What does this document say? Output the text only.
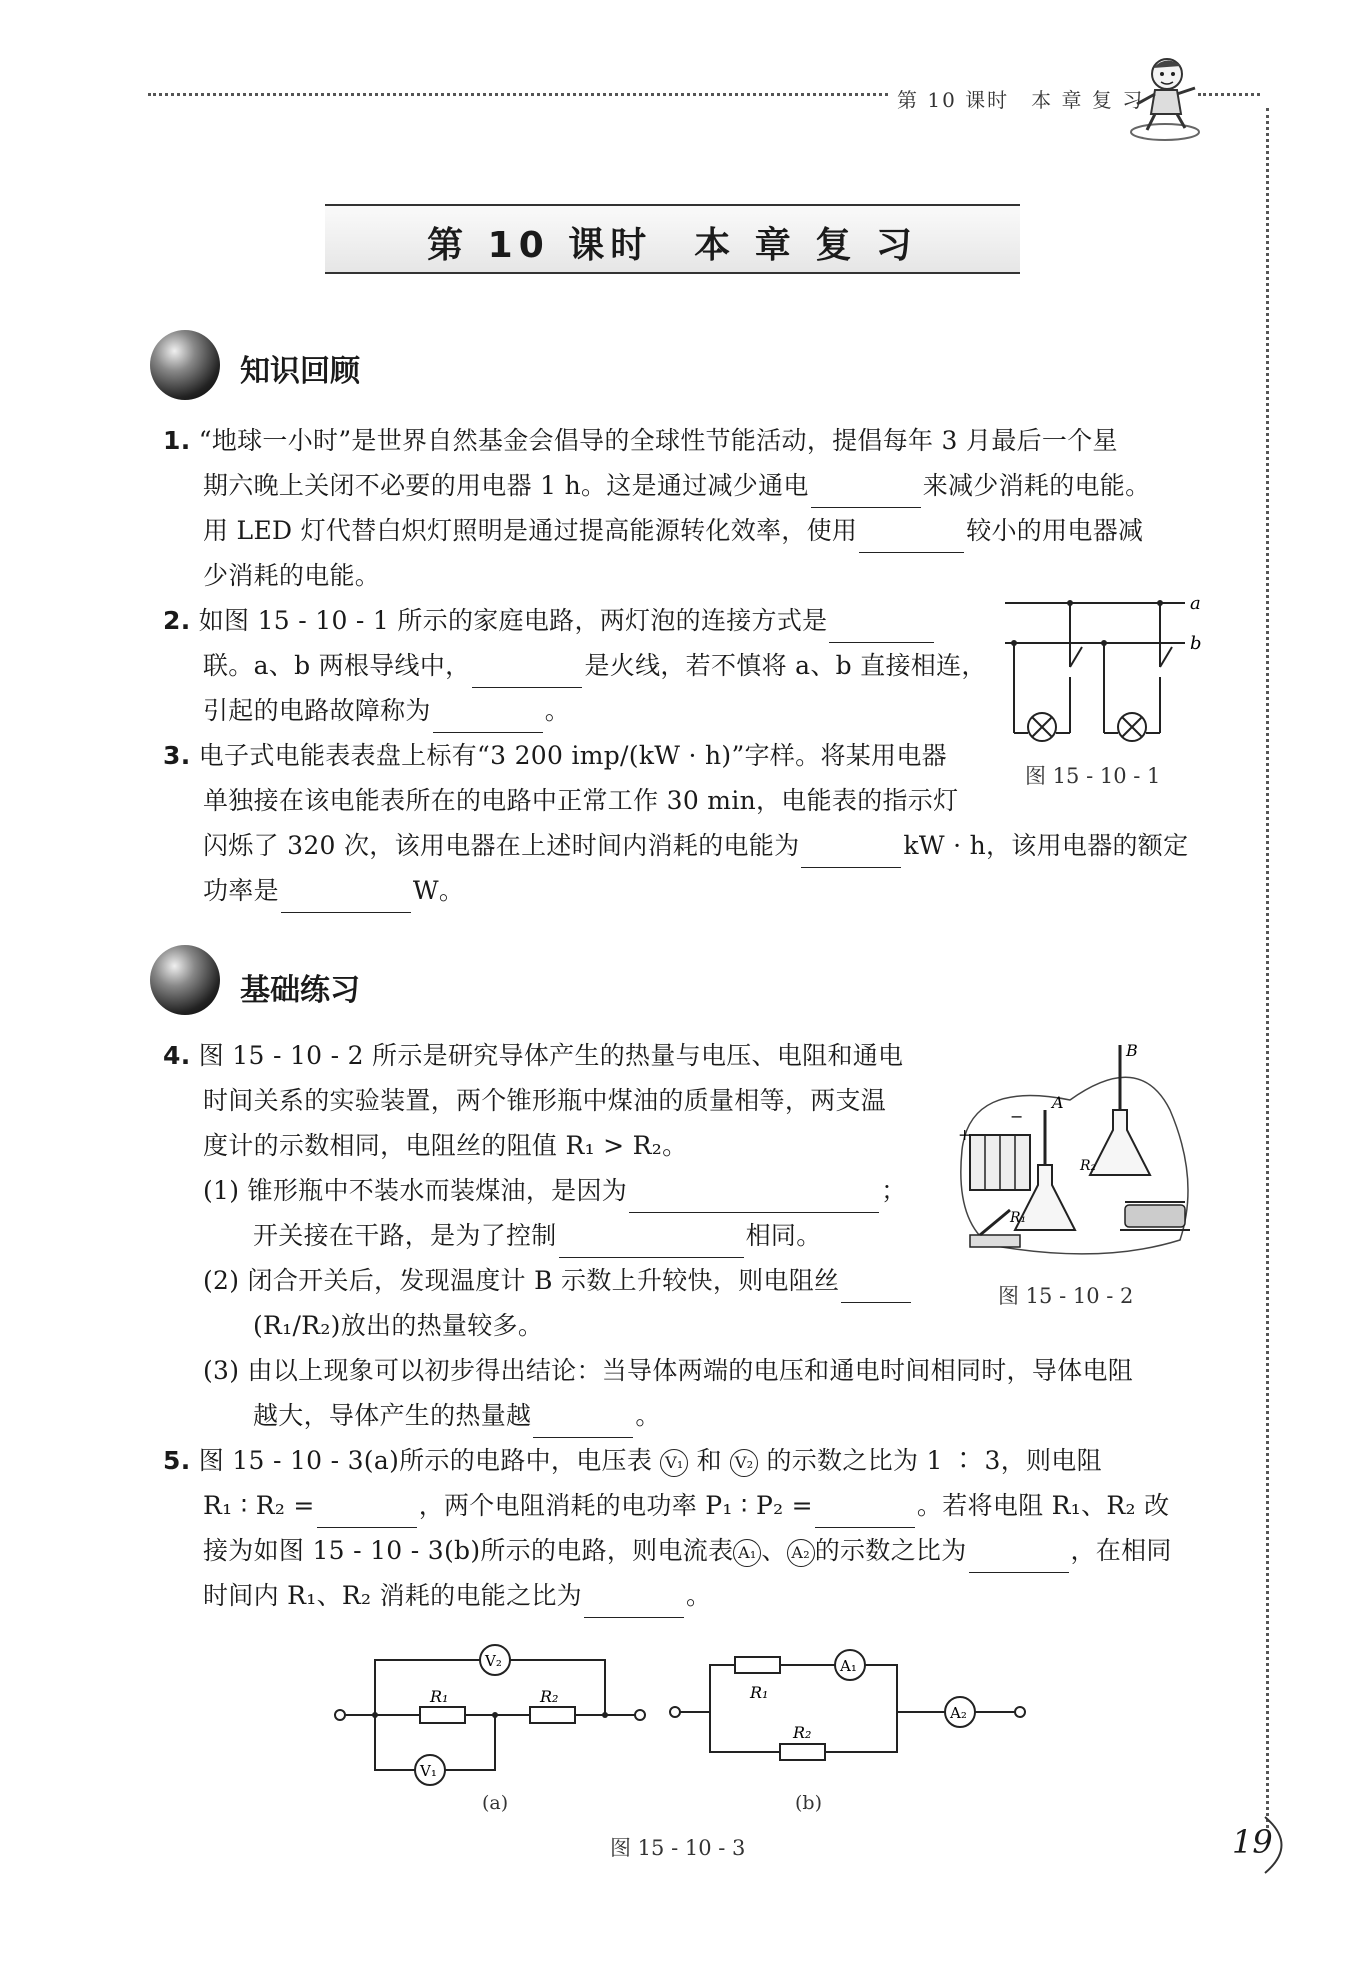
第 10 课时　本 章 复 习
第 10 课时　本 章 复 习
知识回顾
1. “地球一小时”是世界自然基金会倡导的全球性节能活动，提倡每年 3 月最后一个星
期六晚上关闭不必要的用电器 1 h。这是通过减少通电	来减少消耗的电能。
用 LED 灯代替白炽灯照明是通过提高能源转化效率，使用	较小的用电器减
少消耗的电能。
2. 如图 15 - 10 - 1 所示的家庭电路，两灯泡的连接方式是
联。a、b 两根导线中，	是火线，若不慎将 a、b 直接相连，
引起的电路故障称为	。
a
b
图 15 - 10 - 1
3. 电子式电能表表盘上标有“3 200 imp/(kW · h)”字样。将某用电器
单独接在该电能表所在的电路中正常工作 30 min，电能表的指示灯
闪烁了 320 次，该用电器在上述时间内消耗的电能为	kW · h，该用电器的额定
功率是	W。
基础练习
4. 图 15 - 10 - 2 所示是研究导体产生的热量与电压、电阻和通电
时间关系的实验装置，两个锥形瓶中煤油的质量相等，两支温
度计的示数相同，电阻丝的阻值 R₁ > R₂。
(1) 锥形瓶中不装水而装煤油，是因为	；
开关接在干路，是为了控制	相同。
(2) 闭合开关后，发现温度计 B 示数上升较快，则电阻丝
(R₁/R₂)放出的热量较多。
(3) 由以上现象可以初步得出结论：当导体两端的电压和通电时间相同时，导体电阻
越大，导体产生的热量越	。
+
−
A
B
R₂
R₁
图 15 - 10 - 2
5. 图 15 - 10 - 3(a)所示的电路中，电压表 V₁ 和 V₂ 的示数之比为 1 ∶ 3，则电阻
R₁ ∶ R₂ =	，两个电阻消耗的电功率 P₁ ∶ P₂ =	。若将电阻 R₁、R₂ 改
接为如图 15 - 10 - 3(b)所示的电路，则电流表 A₁ 、 A₂ 的示数之比为	，在相同
时间内 R₁、R₂ 消耗的电能之比为	。
R₁	R₂
V₂
V₁
(a)
A₁
R₁
R₂
A₂
(b)
图 15 - 10 - 3	19
